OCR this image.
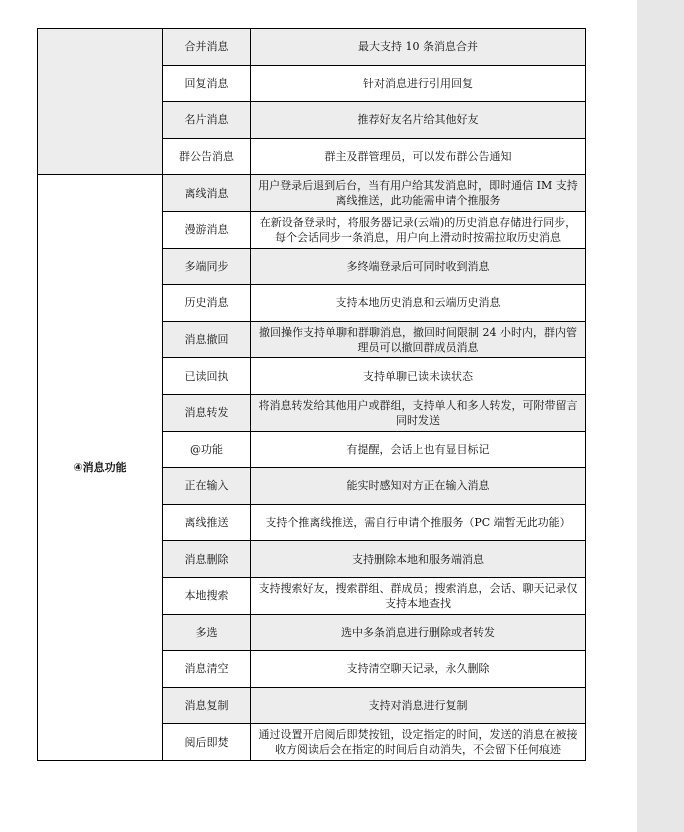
	合并消息	最大支持 10 条消息合并
	回复消息	针对消息进行引用回复
	名片消息	推荐好友名片给其他好友
	群公告消息	群主及群管理员，可以发布群公告通知
④消息功能	离线消息	用户登录后退到后台，当有用户给其发消息时，即时通信 IM 支持离线推送，此功能需申请个推服务
	漫游消息	在新设备登录时，将服务器记录(云端)的历史消息存储进行同步，每个会话同步一条消息，用户向上滑动时按需拉取历史消息
	多端同步	多终端登录后可同时收到消息
	历史消息	支持本地历史消息和云端历史消息
	消息撤回	撤回操作支持单聊和群聊消息，撤回时间限制 24 小时内，群内管理员可以撤回群成员消息
	已读回执	支持单聊已读未读状态
	消息转发	将消息转发给其他用户或群组，支持单人和多人转发，可附带留言同时发送
	@功能	有提醒，会话上也有显目标记
	正在输入	能实时感知对方正在输入消息
	离线推送	支持个推离线推送，需自行申请个推服务（PC 端暂无此功能）
	消息删除	支持删除本地和服务端消息
	本地搜索	支持搜索好友，搜索群组、群成员；搜索消息，会话、聊天记录仅支持本地查找
	多选	选中多条消息进行删除或者转发
	消息清空	支持清空聊天记录，永久删除
	消息复制	支持对消息进行复制
	阅后即焚	通过设置开启阅后即焚按钮，设定指定的时间，发送的消息在被接收方阅读后会在指定的时间后自动消失，不会留下任何痕迹
